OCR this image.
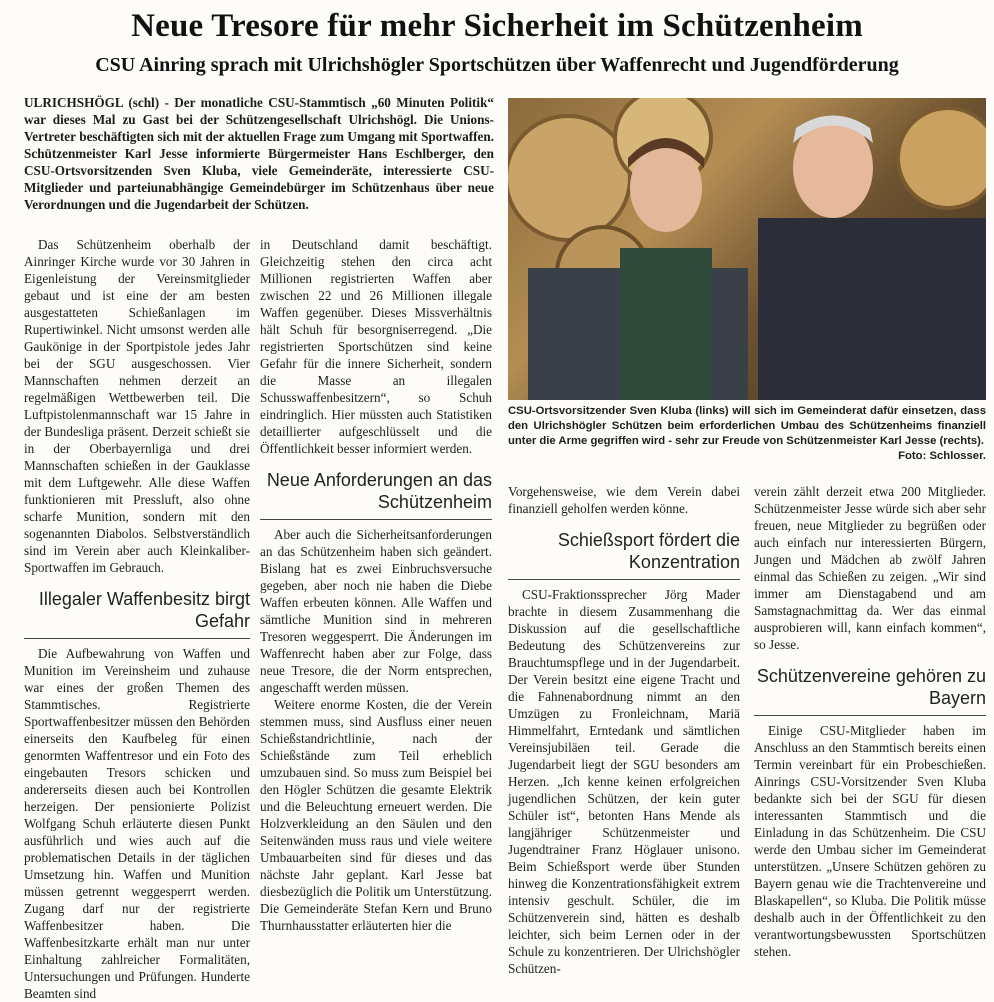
Neue Tresore für mehr Sicherheit im Schützenheim
CSU Ainring sprach mit Ulrichshögler Sportschützen über Waffenrecht und Jugendförderung

ULRICHSHÖGL (schl) - Der monatliche CSU-Stammtisch „60 Minuten Politik“ war dieses Mal zu Gast bei der Schützengesellschaft Ulrichshögl. Die Unions-Vertreter beschäftigten sich mit der aktuellen Frage zum Umgang mit Sportwaffen. Schützenmeister Karl Jesse informierte Bürgermeister Hans Eschlberger, den CSU-Ortsvorsitzenden Sven Kluba, viele Gemeinderäte, interessierte CSU-Mitglieder und parteiunabhängige Gemeindebürger im Schützenhaus über neue Verordnungen und die Jugendarbeit der Schützen.

Das Schützenheim oberhalb der Ainringer Kirche wurde vor 30 Jahren in Eigenleistung der Vereinsmitglieder gebaut und ist eine der am besten ausgestatteten Schießanlagen im Rupertiwinkel. Nicht umsonst werden alle Gaukönige in der Sportpistole jedes Jahr bei der SGU ausgeschossen. Vier Mannschaften nehmen derzeit an regelmäßigen Wettbewerben teil. Die Luftpistolenmannschaft war 15 Jahre in der Bundesliga präsent. Derzeit schießt sie in der Oberbayernliga und drei Mannschaften schießen in der Gauklasse mit dem Luftgewehr. Alle diese Waffen funktionieren mit Pressluft, also ohne scharfe Munition, sondern mit den sogenannten Diabolos. Selbstverständlich sind im Verein aber auch Kleinkaliber-Sportwaffen im Gebrauch.

Illegaler Waffenbesitz birgt Gefahr

Die Aufbewahrung von Waffen und Munition im Vereinsheim und zuhause war eines der großen Themen des Stammtisches. Registrierte Sportwaffenbesitzer müssen den Behörden einerseits den Kaufbeleg für einen genormten Waffentresor und ein Foto des eingebauten Tresors schicken und andererseits diesen auch bei Kontrollen herzeigen. Der pensionierte Polizist Wolfgang Schuh erläuterte diesen Punkt ausführlich und wies auch auf die problematischen Details in der täglichen Umsetzung hin. Waffen und Munition müssen getrennt weggesperrt werden. Zugang darf nur der registrierte Waffenbesitzer haben. Die Waffenbesitzkarte erhält man nur unter Einhaltung zahlreicher Formalitäten, Untersuchungen und Prüfungen. Hunderte Beamten sind

in Deutschland damit beschäftigt. Gleichzeitig stehen den circa acht Millionen registrierten Waffen aber zwischen 22 und 26 Millionen illegale Waffen gegenüber. Dieses Missverhältnis hält Schuh für besorgniserregend. „Die registrierten Sportschützen sind keine Gefahr für die innere Sicherheit, sondern die Masse an illegalen Schusswaffenbesitzern“, so Schuh eindringlich. Hier müssten auch Statistiken detaillierter aufgeschlüsselt und die Öffentlichkeit besser informiert werden.

Neue Anforderungen an das Schützenheim

Aber auch die Sicherheitsanforderungen an das Schützenheim haben sich geändert. Bislang hat es zwei Einbruchsversuche gegeben, aber noch nie haben die Diebe Waffen erbeuten können. Alle Waffen und sämtliche Munition sind in mehreren Tresoren weggesperrt. Die Änderungen im Waffenrecht haben aber zur Folge, dass neue Tresore, die der Norm entsprechen, angeschafft werden müssen.

Weitere enorme Kosten, die der Verein stemmen muss, sind Ausfluss einer neuen Schießstandrichtlinie, nach der Schießstände zum Teil erheblich umzubauen sind. So muss zum Beispiel bei den Högler Schützen die gesamte Elektrik und die Beleuchtung erneuert werden. Die Holzverkleidung an den Säulen und den Seitenwänden muss raus und viele weitere Umbauarbeiten sind für dieses und das nächste Jahr geplant. Karl Jesse bat diesbezüglich die Politik um Unterstützung. Die Gemeinderäte Stefan Kern und Bruno Thurnhausstatter erläuterten hier die

CSU-Ortsvorsitzender Sven Kluba (links) will sich im Gemeinderat dafür einsetzen, dass den Ulrichshögler Schützen beim erforderlichen Umbau des Schützenheims finanziell unter die Arme gegriffen wird - sehr zur Freude von Schützenmeister Karl Jesse (rechts).
Foto: Schlosser.

Vorgehensweise, wie dem Verein dabei finanziell geholfen werden könne.

Schießsport fördert die Konzentration

CSU-Fraktionssprecher Jörg Mader brachte in diesem Zusammenhang die Diskussion auf die gesellschaftliche Bedeutung des Schützenvereins zur Brauchtumspflege und in der Jugendarbeit. Der Verein besitzt eine eigene Tracht und die Fahnenabordnung nimmt an den Umzügen zu Fronleichnam, Mariä Himmelfahrt, Erntedank und sämtlichen Vereinsjubiläen teil. Gerade die Jugendarbeit liegt der SGU besonders am Herzen. „Ich kenne keinen erfolgreichen jugendlichen Schützen, der kein guter Schüler ist“, betonten Hans Mende als langjähriger Schützenmeister und Jugendtrainer Franz Höglauer unisono. Beim Schießsport werde über Stunden hinweg die Konzentrationsfähigkeit extrem intensiv geschult. Schüler, die im Schützenverein sind, hätten es deshalb leichter, sich beim Lernen oder in der Schule zu konzentrieren. Der Ulrichshögler Schützen-

verein zählt derzeit etwa 200 Mitglieder. Schützenmeister Jesse würde sich aber sehr freuen, neue Mitglieder zu begrüßen oder auch einfach nur interessierten Bürgern, Jungen und Mädchen ab zwölf Jahren einmal das Schießen zu zeigen. „Wir sind immer am Dienstagabend und am Samstagnachmittag da. Wer das einmal ausprobieren will, kann einfach kommen“, so Jesse.

Schützenvereine gehören zu Bayern

Einige CSU-Mitglieder haben im Anschluss an den Stammtisch bereits einen Termin vereinbart für ein Probeschießen. Ainrings CSU-Vorsitzender Sven Kluba bedankte sich bei der SGU für diesen interessanten Stammtisch und die Einladung in das Schützenheim. Die CSU werde den Umbau sicher im Gemeinderat unterstützen. „Unsere Schützen gehören zu Bayern genau wie die Trachtenvereine und Blaskapellen“, so Kluba. Die Politik müsse deshalb auch in der Öffentlichkeit zu den verantwortungsbewussten Sportschützen stehen.
